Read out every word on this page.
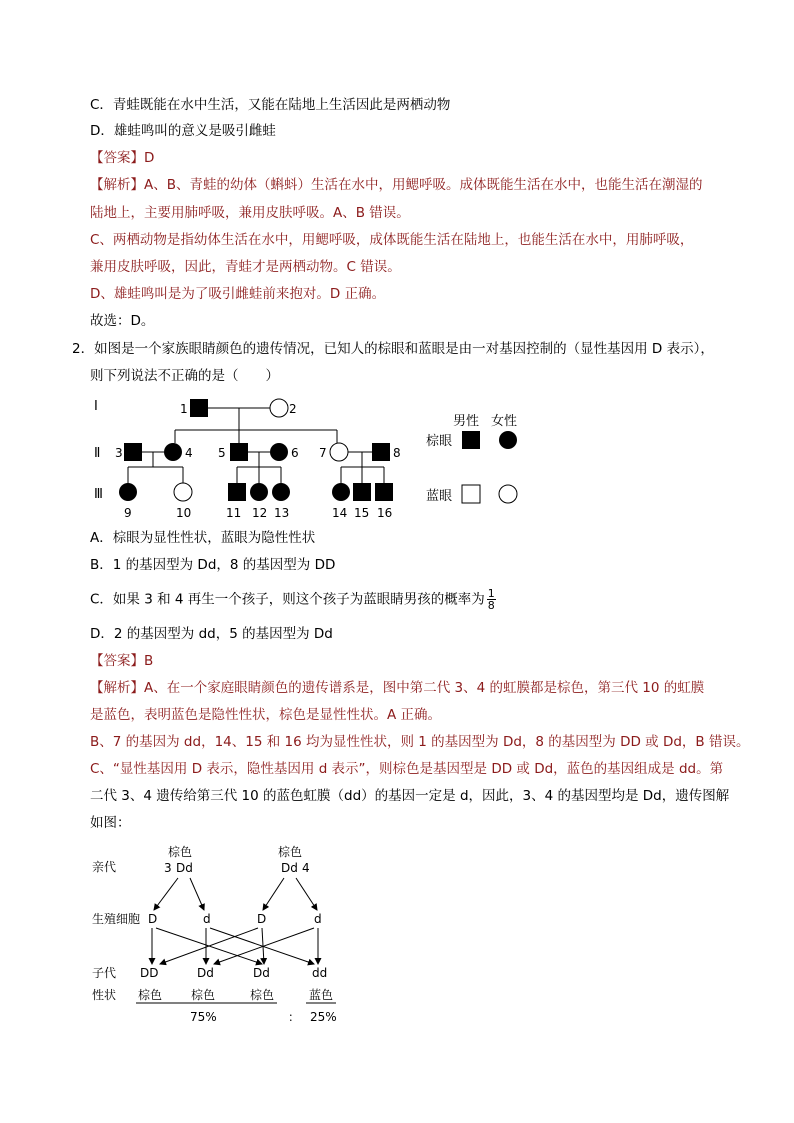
C．青蛙既能在水中生活，又能在陆地上生活因此是两栖动物
D．雄蛙鸣叫的意义是吸引雌蛙
【答案】D
【解析】A、B、青蛙的幼体（蝌蚪）生活在水中，用鳃呼吸。成体既能生活在水中，也能生活在潮湿的
陆地上，主要用肺呼吸，兼用皮肤呼吸。A、B 错误。
C、两栖动物是指幼体生活在水中，用鳃呼吸，成体既能生活在陆地上，也能生活在水中，用肺呼吸，
兼用皮肤呼吸，因此，青蛙才是两栖动物。C 错误。
D、雄蛙鸣叫是为了吸引雌蛙前来抱对。D 正确。
故选：D。
2．如图是一个家族眼睛颜色的遗传情况，已知人的棕眼和蓝眼是由一对基因控制的（显性基因用 D 表示），
则下列说法不正确的是（　　）
Ⅰ
Ⅱ
Ⅲ
1	2
3	4 5	6 7	8
9	10	11 12 13	14 15 16
男性 女性
棕眼
蓝眼
A．棕眼为显性性状，蓝眼为隐性性状
B．1 的基因型为 Dd，8 的基因型为 DD
C．如果 3 和 4 再生一个孩子，则这个孩子为蓝眼睛男孩的概率为 $\frac{1}{8}$
D．2 的基因型为 dd，5 的基因型为 Dd
【答案】B
【解析】A、在一个家庭眼睛颜色的遗传谱系是，图中第二代 3、4 的虹膜都是棕色，第三代 10 的虹膜
是蓝色，表明蓝色是隐性性状，棕色是显性性状。A 正确。
B、7 的基因为 dd，14、15 和 16 均为显性性状，则 1 的基因型为 Dd，8 的基因型为 DD 或 Dd，B 错误。
C、“显性基因用 D 表示，隐性基因用 d 表示”，则棕色是基因型是 DD 或 Dd，蓝色的基因组成是 dd。第
二代 3、4 遗传给第三代 10 的蓝色虹膜（dd）的基因一定是 d，因此，3、4 的基因型均是 Dd，遗传图解
如图：
亲代
生殖细胞
子代
性状
棕色
3 Dd
棕色
Dd 4
D	d	D	d
DD	Dd	Dd	dd
棕色 棕色	棕色	蓝色
75%	： 25%
